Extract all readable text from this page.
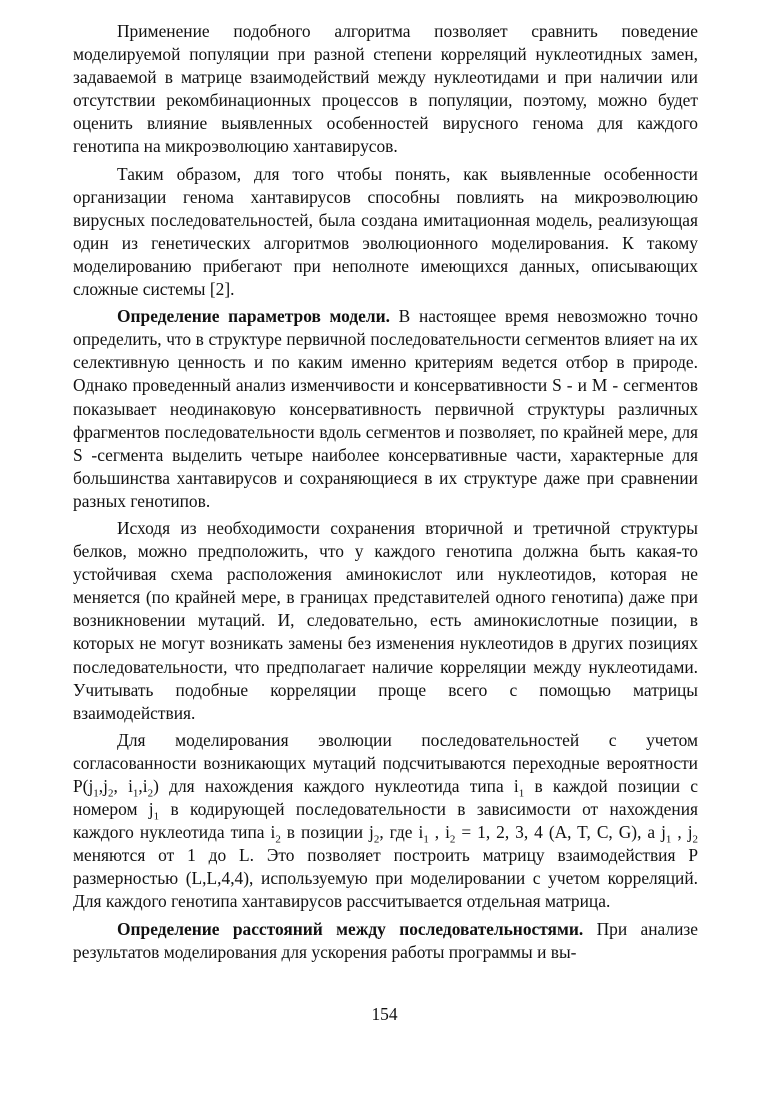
Применение подобного алгоритма позволяет сравнить поведение моделируемой популяции при разной степени корреляций нуклеотидных замен, задаваемой в матрице взаимодействий между нуклеотидами и при наличии или отсутствии рекомбинационных процессов в популяции, поэтому, можно будет оценить влияние выявленных особенностей вирусного генома для каждого генотипа на микроэволюцию хантавирусов.

Таким образом, для того чтобы понять, как выявленные особенности организации генома хантавирусов способны повлиять на микроэволюцию вирусных последовательностей, была создана имитационная модель, реализующая один из генетических алгоритмов эволюционного моделирования. К такому моделированию прибегают при неполноте имеющихся данных, описывающих сложные системы [2].

Определение параметров модели. В настоящее время невозможно точно определить, что в структуре первичной последовательности сегментов влияет на их селективную ценность и по каким именно критериям ведется отбор в природе. Однако проведенный анализ изменчивости и консервативности S - и M - сегментов показывает неодинаковую консервативность первичной структуры различных фрагментов последовательности вдоль сегментов и позволяет, по крайней мере, для S -сегмента выделить четыре наиболее консервативные части, характерные для большинства хантавирусов и сохраняющиеся в их структуре даже при сравнении разных генотипов.

Исходя из необходимости сохранения вторичной и третичной структуры белков, можно предположить, что у каждого генотипа должна быть какая-то устойчивая схема расположения аминокислот или нуклеотидов, которая не меняется (по крайней мере, в границах представителей одного генотипа) даже при возникновении мутаций. И, следовательно, есть аминокислотные позиции, в которых не могут возникать замены без изменения нуклеотидов в других позициях последовательности, что предполагает наличие корреляции между нуклеотидами. Учитывать подобные корреляции проще всего с помощью матрицы взаимодействия.

Для моделирования эволюции последовательностей с учетом согласованности возникающих мутаций подсчитываются переходные вероятности $P(j_1,j_2$, $i_1,i_2$) для нахождения каждого нуклеотида типа $i_1$ в каждой позиции с номером $j_1$ в кодирующей последовательности в зависимости от нахождения каждого нуклеотида типа $i_2$ в позиции $j_2$, где $i_1$ , $i_2 = 1$, 2, 3, 4 (A, T, C, G), а $j_1$ , $j_2$ меняются от 1 до L. Это позволяет построить матрицу взаимодействия P размерностью (L,L,4,4), используемую при моделировании с учетом корреляций. Для каждого генотипа хантавирусов рассчитывается отдельная матрица.

Определение расстояний между последовательностями. При анализе результатов моделирования для ускорения работы программы и вы-

154
